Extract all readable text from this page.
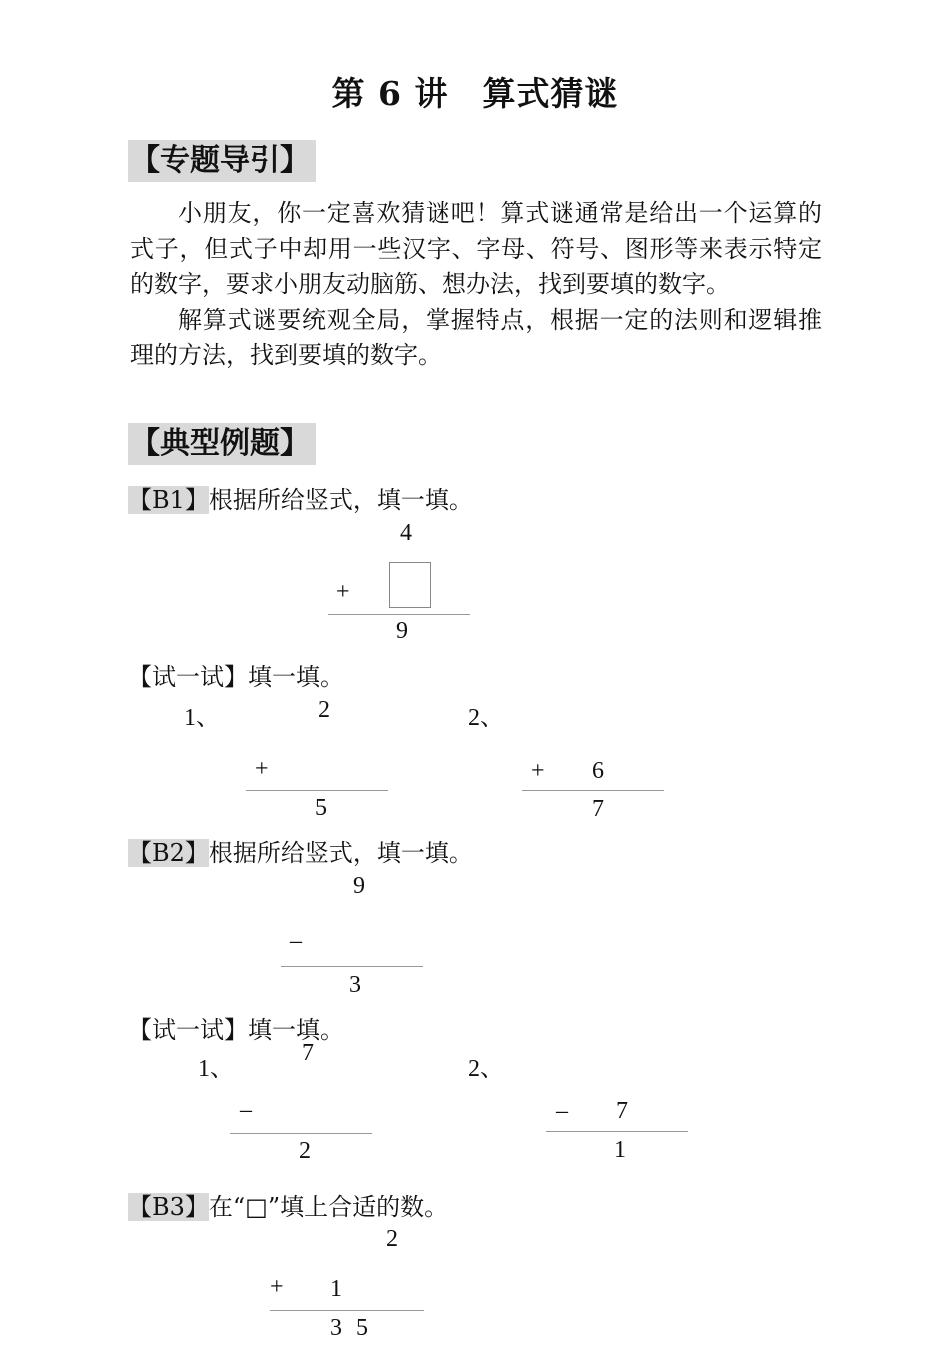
第 6 讲　算式猜谜
【专题导引】

小朋友，你一定喜欢猜谜吧！算式谜通常是给出一个运算的式子，但式子中却用一些汉字、字母、符号、图形等来表示特定的数字，要求小朋友动脑筋、想办法，找到要填的数字。

解算式谜要统观全局，掌握特点，根据一定的法则和逻辑推理的方法，找到要填的数字。

【典型例题】
【B1】根据所给竖式，填一填。
4
+
9
【试一试】填一填。
1、	2
+
5
2、
+ 6
7
【B2】根据所给竖式，填一填。
9
–
3
【试一试】填一填。
1、
7
–
2
2、
– 7
1
【B3】在“□”填上合适的数。
2
+ 1
3 5
